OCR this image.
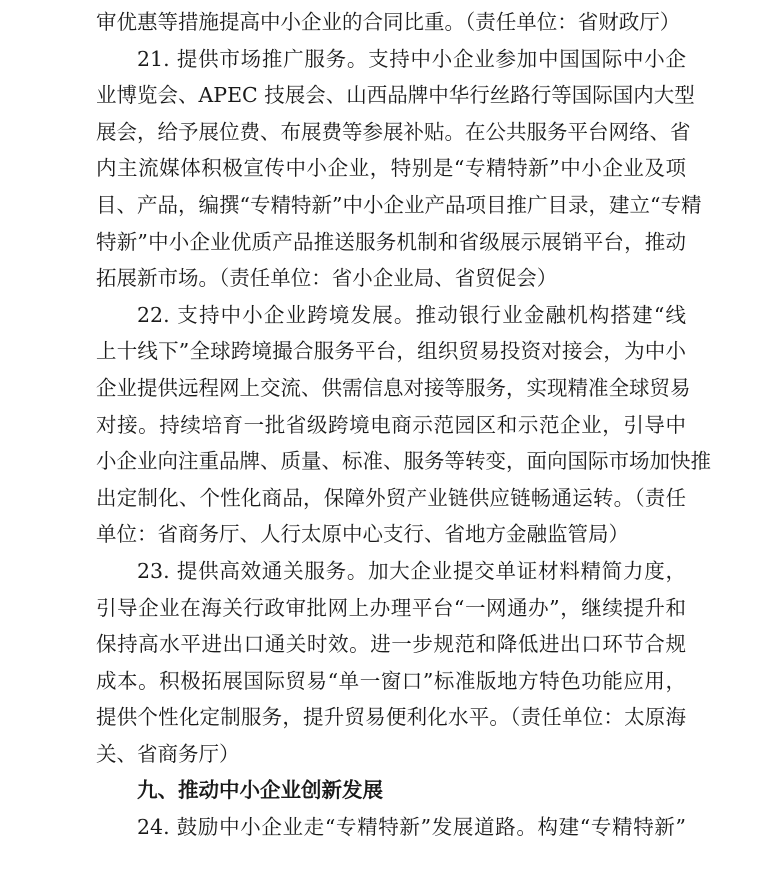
审优惠等措施提高中小企业的合同比重。（责任单位：省财政厅）
21. 提供市场推广服务。支持中小企业参加中国国际中小企
业博览会、APEC 技展会、山西品牌中华行丝路行等国际国内大型
展会，给予展位费、布展费等参展补贴。在公共服务平台网络、省
内主流媒体积极宣传中小企业，特别是“专精特新”中小企业及项
目、产品，编撰“专精特新”中小企业产品项目推广目录，建立“专精
特新”中小企业优质产品推送服务机制和省级展示展销平台，推动
拓展新市场。（责任单位：省小企业局、省贸促会）
22. 支持中小企业跨境发展。推动银行业金融机构搭建“线
上十线下”全球跨境撮合服务平台，组织贸易投资对接会，为中小
企业提供远程网上交流、供需信息对接等服务，实现精准全球贸易
对接。持续培育一批省级跨境电商示范园区和示范企业，引导中
小企业向注重品牌、质量、标准、服务等转变，面向国际市场加快推
出定制化、个性化商品，保障外贸产业链供应链畅通运转。（责任
单位：省商务厅、人行太原中心支行、省地方金融监管局）
23. 提供高效通关服务。加大企业提交单证材料精简力度，
引导企业在海关行政审批网上办理平台“一网通办”，继续提升和
保持高水平进出口通关时效。进一步规范和降低进出口环节合规
成本。积极拓展国际贸易“单一窗口”标准版地方特色功能应用，
提供个性化定制服务，提升贸易便利化水平。（责任单位：太原海
关、省商务厅）
九、推动中小企业创新发展
24. 鼓励中小企业走“专精特新”发展道路。构建“专精特新”
